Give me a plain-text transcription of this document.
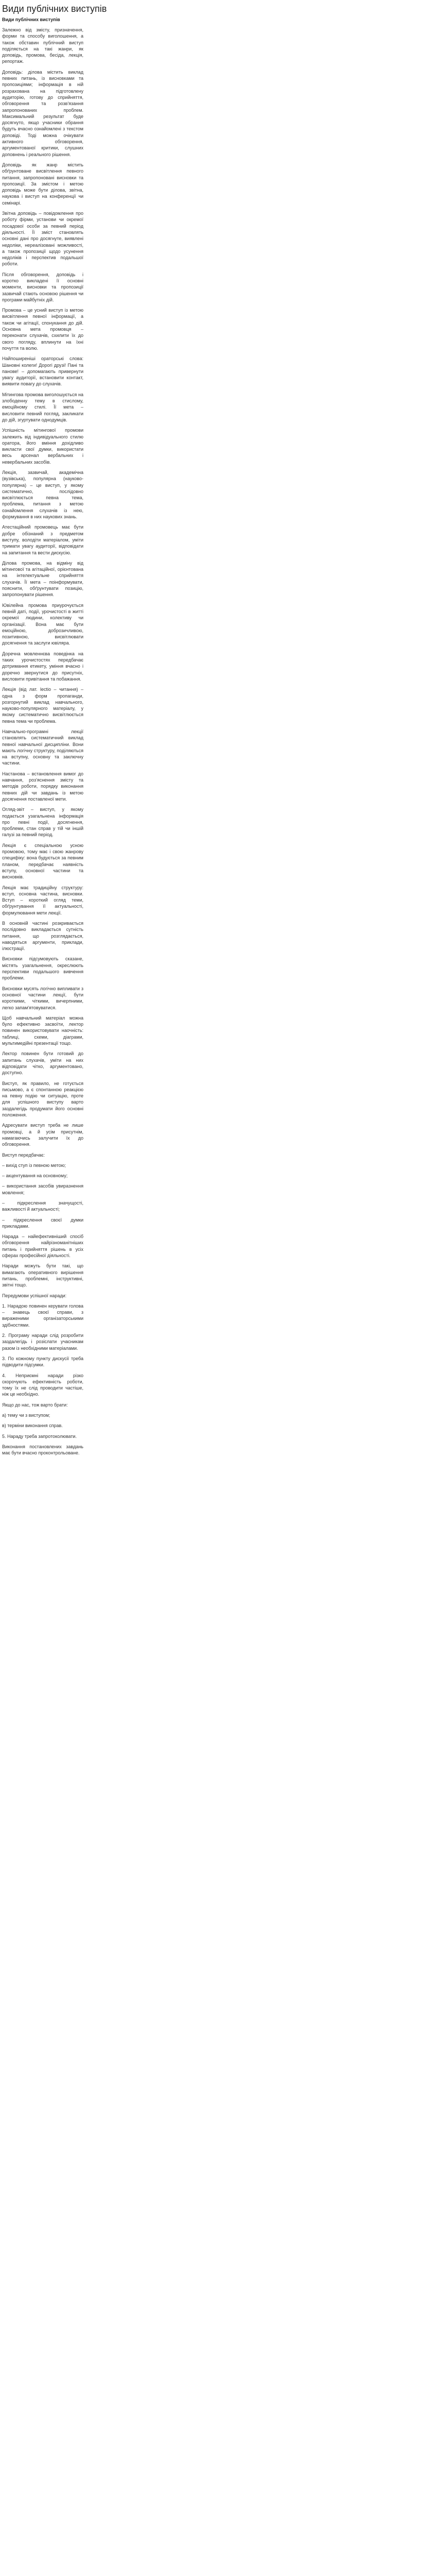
Види публічних виступів
Види публічних виступів

Залежно від змісту, призначення, форми та способу виголошення, а також обставин публічний виступ поділяється на такі жанри, як доповідь, промова, бесіда, лекція, репортаж.

Доповідь: ділова містить виклад певних питань, із висновками та пропозиціями; інформація в ній розрахована на підготовлену аудиторію, готову до сприйняття, обговорення та розв'язання запропонованих проблем. Максимальний результат буде досягнуто, якщо учасники обрання будуть вчасно ознайомлені з текстом доповіді. Тоді можна очікувати активного обговорення, аргументованої критики, слушних доповнень і реального рішення.

Доповідь як жанр містить обґрунтоване висвітлення певного питання, запропоновані висновки та пропозиції. За змістом і метою доповідь може бути ділова, звітна, наукова і виступ на конференції чи семінарі.

Звітна доповідь – повідомлення про роботу фірми, установи чи окремої посадової особи за певний період діяльності. Її зміст становлять основні дані про досягнуте, виявлені недоліки, нереалізовані можливості, а також пропозиції щодо усунення недоліків і перспектив подальшої роботи.

Після обговорення, доповідь і коротко викладені її основні моменти, висновки та пропозиції зазвичай стають основою рішення чи програми майбутніх дій.

Промова – це усний виступ із метою висвітлення певної інформації, а також чи агітації, спонукання до дій. Основна мета промовця – переконати слухачів, схилити їх до свого погляду, вплинути на їхні почуття та волю.

Найпоширеніші ораторські слова: Шановні колеги! Дорогі друзі! Пані та панове! – допомагають привернути увагу аудиторії, встановити контакт, виявити повагу до слухачів.

Мітингова промова виголошується на злободенну тему в стислому, емоційному стилі. Її мета – висловити певний погляд, закликати до дій, згуртувати однодумців.

Успішність мітингової промови залежить від індивідуального стилю оратора, його вміння дохідливо викласти свої думки, використати весь арсенал вербальних і невербальних засобів.

Лекція, зазвичай, академічна (вузівська), популярна (науково-популярна) – це виступ, у якому систематично, послідовно висвітлюється певна тема, проблема, питання з метою ознайомлення слухачів із нею, формування в них наукових знань.

Атестаційний промовець має бути добре обізнаний з предметом виступу, володіти матеріалом, уміти тримати увагу аудиторії, відповідати на запитання та вести дискусію.

Ділова промова, на відміну від мітингової та агітаційної, орієнтована на інтелектуальне сприйняття слухачів. Її мета – поінформувати, пояснити, обґрунтувати позицію, запропонувати рішення.

Ювілейна промова приурочується певній даті, події, урочистості в житті окремої людини, колективу чи організації. Вона має бути емоційною, доброзичливою, позитивною, висвітлювати досягнення та заслуги ювіляра.

Доречна мовленнєва поведінка на таких урочистостях передбачає дотримання етикету, уміння вчасно і доречно звернутися до присутніх, висловити привітання та побажання.

Лекція (від лат. lectio – читання) – одна з форм пропаганди, розгорнутий виклад навчального, науково-популярного матеріалу, у якому систематично висвітлюється певна тема чи проблема.

Навчально-програмні лекції становлять систематичний виклад певної навчальної дисципліни. Вони мають логічну структуру, поділяються на вступну, основну та заключну частини.

Настанова – встановлення вимог до навчання, роз'яснення змісту та методів роботи, порядку виконання певних дій чи завдань із метою досягнення поставленої мети.

Огляд-звіт – виступ, у якому подається узагальнена інформація про певні події, досягнення, проблеми, стан справ у тій чи іншій галузі за певний період.

Лекція є спеціальною усною промовою, тому має і свою жанрову специфіку: вона будується за певним планом, передбачає наявність вступу, основної частини та висновків.

Лекція має традиційну структуру: вступ, основна частина, висновки. Вступ – короткий огляд теми, обґрунтування її актуальності, формулювання мети лекції.

В основній частині розкривається послідовно викладається сутність питання, що розглядається, наводяться аргументи, приклади, ілюстрації.

Висновки підсумовують сказане, містять узагальнення, окреслюють перспективи подальшого вивчення проблеми.

Висновки мусять логічно випливати з основної частини лекції, бути короткими, чіткими, вичерпними, легко запам'ятовуватися.

Щоб навчальний матеріал можна було ефективно засвоїти, лектор повинен використовувати наочність: таблиці, схеми, діаграми, мультимедійні презентації тощо.

Лектор повинен бути готовий до запитань слухачів, уміти на них відповідати чітко, аргументовано, доступно.

Виступ, як правило, не готується письмово, а є спонтанною реакцією на певну подію чи ситуацію, проте для успішного виступу варто заздалегідь продумати його основні положення.

Адресувати виступ треба не лише промовці, а й усім присутнім, намагаючись залучити їх до обговорення.

Виступ передбачає:

– вихід ступ із певною метою;

– акцентування на основному;

– використання засобів увиразнення мовлення;

– підкреслення значущості, важливості й актуальності;

– підкреслення своєї думки прикладами.

Нарада – найефективніший спосіб обговорення найрізноманітніших питань і прийняття рішень в усіх сферах професійної діяльності.

Наради можуть бути такі, що вимагають оперативного вирішення питань, проблемні, інструктивні, звітні тощо.

Передумови успішної наради:

1. Нарадою повинен керувати голова – знавець своєї справи, з вираженими організаторськими здібностями.

2. Програму наради слід розробити заздалегідь і розіслати учасникам разом із необхідними матеріалами.

3. По кожному пункту дискусії треба підводити підсумки.

4. Неприємні наради різко скорочують ефективність роботи, тому їх не слід проводити частіше, ніж це необхідно.

Якщо до нас, тож варто брати:

а) тему чи з виступом;

в) терміни виконання справ.

5. Нараду треба запротоколювати.

Виконання постановлених завдань має бути вчасно проконтрольоване.
